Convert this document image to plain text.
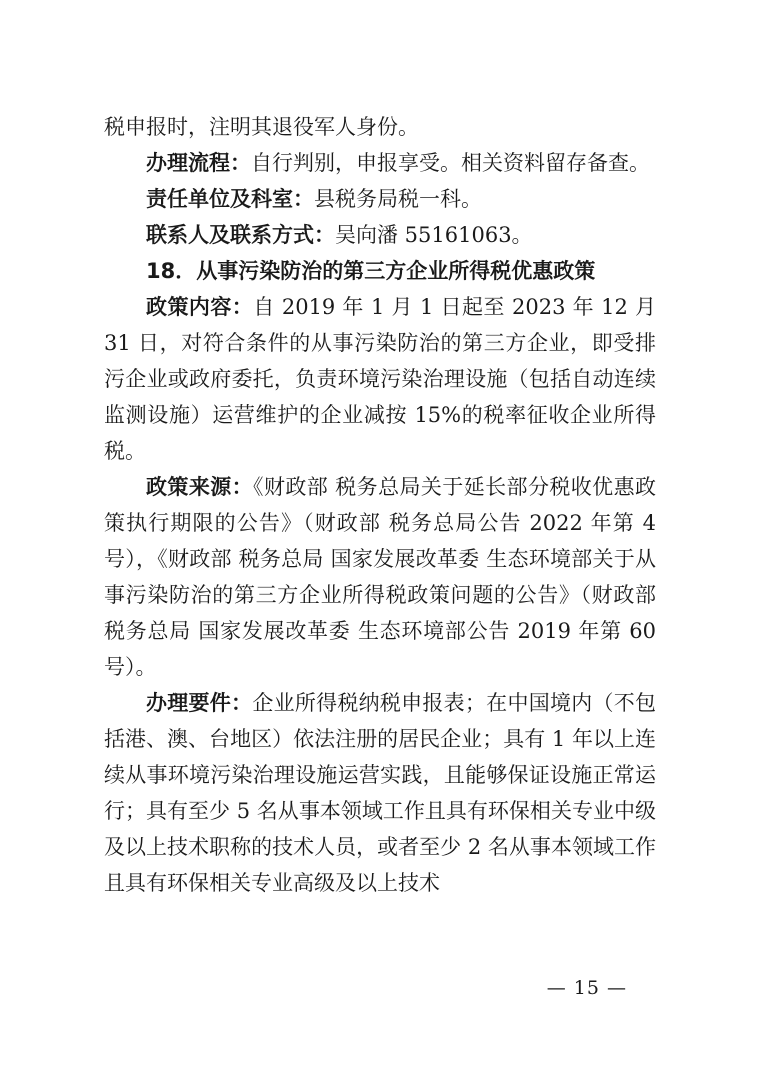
税申报时，注明其退役军人身份。

办理流程：自行判别，申报享受。相关资料留存备查。

责任单位及科室：县税务局税一科。

联系人及联系方式：吴向潘 55161063。

18．从事污染防治的第三方企业所得税优惠政策

政策内容：自 2019 年 1 月 1 日起至 2023 年 12 月 31 日，对符合条件的从事污染防治的第三方企业，即受排污企业或政府委托，负责环境污染治理设施（包括自动连续监测设施）运营维护的企业减按 15%的税率征收企业所得税。

政策来源：《财政部 税务总局关于延长部分税收优惠政策执行期限的公告》（财政部 税务总局公告 2022 年第 4 号），《财政部 税务总局 国家发展改革委 生态环境部关于从事污染防治的第三方企业所得税政策问题的公告》（财政部 税务总局 国家发展改革委 生态环境部公告 2019 年第 60 号）。

办理要件：企业所得税纳税申报表；在中国境内（不包括港、澳、台地区）依法注册的居民企业；具有 1 年以上连续从事环境污染治理设施运营实践，且能够保证设施正常运行；具有至少 5 名从事本领域工作且具有环保相关专业中级及以上技术职称的技术人员，或者至少 2 名从事本领域工作且具有环保相关专业高级及以上技术

— 15 —
